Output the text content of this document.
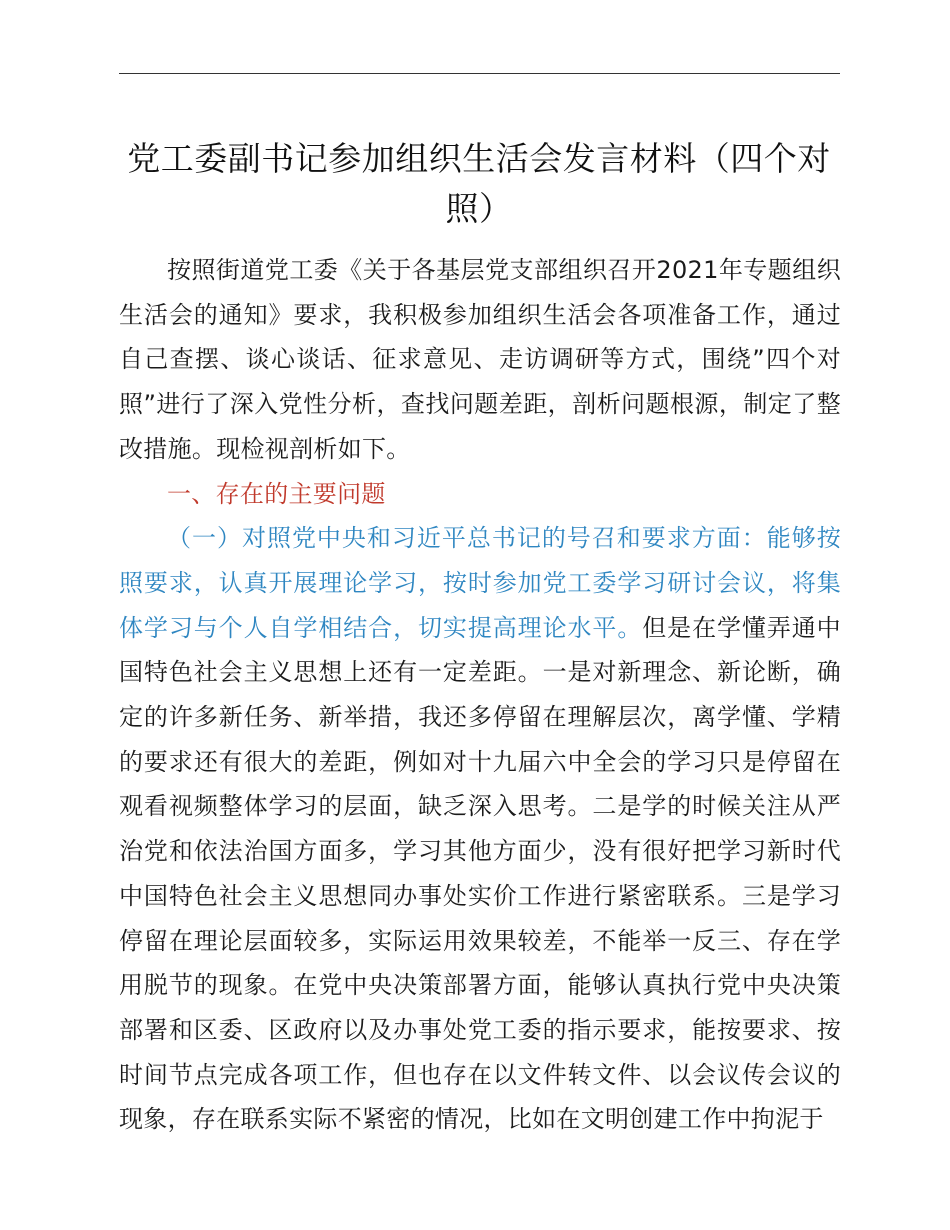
党工委副书记参加组织生活会发言材料（四个对照）

按照街道党工委《关于各基层党支部组织召开2021年专题组织生活会的通知》要求，我积极参加组织生活会各项准备工作，通过自己查摆、谈心谈话、征求意见、走访调研等方式，围绕”四个对照”进行了深入党性分析，查找问题差距，剖析问题根源，制定了整改措施。现检视剖析如下。

一、存在的主要问题

（一）对照党中央和习近平总书记的号召和要求方面：能够按照要求，认真开展理论学习，按时参加党工委学习研讨会议，将集体学习与个人自学相结合，切实提高理论水平。但是在学懂弄通中国特色社会主义思想上还有一定差距。一是对新理念、新论断，确定的许多新任务、新举措，我还多停留在理解层次，离学懂、学精的要求还有很大的差距，例如对十九届六中全会的学习只是停留在观看视频整体学习的层面，缺乏深入思考。二是学的时候关注从严治党和依法治国方面多，学习其他方面少，没有很好把学习新时代中国特色社会主义思想同办事处实价工作进行紧密联系。三是学习停留在理论层面较多，实际运用效果较差，不能举一反三、存在学用脱节的现象。在党中央决策部署方面，能够认真执行党中央决策部署和区委、区政府以及办事处党工委的指示要求，能按要求、按时间节点完成各项工作，但也存在以文件转文件、以会议传会议的现象，存在联系实际不紧密的情况，比如在文明创建工作中拘泥于
